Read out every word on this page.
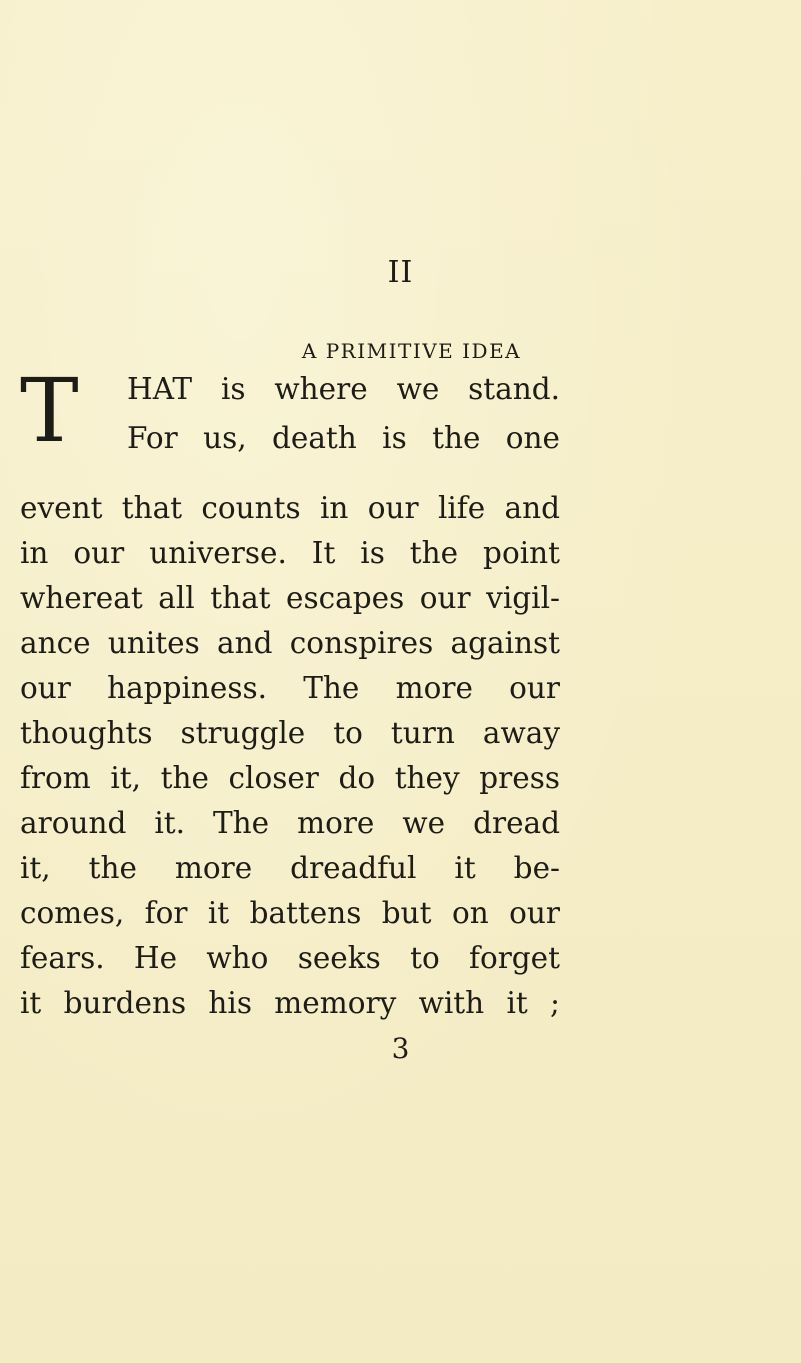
II
A PRIMITIVE IDEA
T HAT is where we stand.
For us, death is the one
event that counts in our life and
in our universe. It is the point
whereat all that escapes our vigil-
ance unites and conspires against
our happiness. The more our
thoughts struggle to turn away
from it, the closer do they press
around it. The more we dread
it, the more dreadful it be-
comes, for it battens but on our
fears. He who seeks to forget
it burdens his memory with it ;
3
